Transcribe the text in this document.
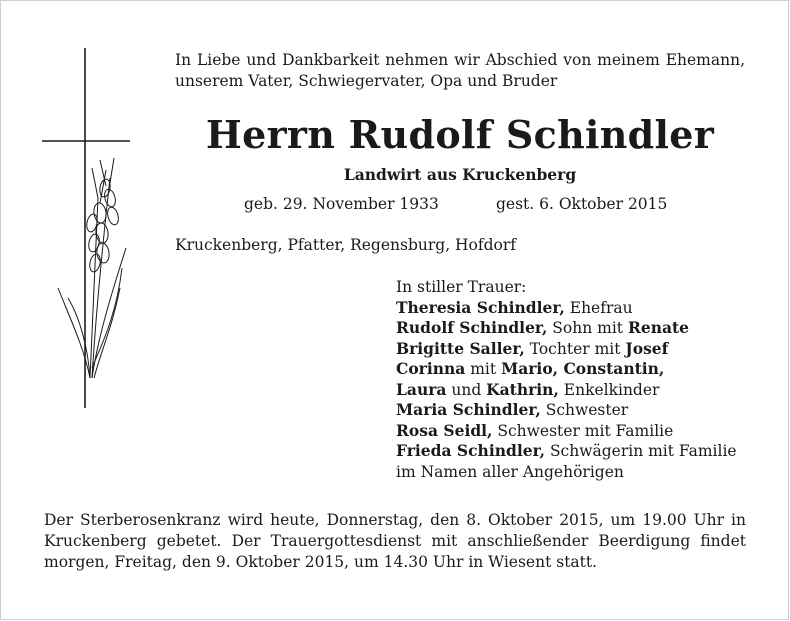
In Liebe und Dankbarkeit nehmen wir Abschied von meinem Ehemann, unserem Vater, Schwiegervater, Opa und Bruder
Herrn Rudolf Schindler
Landwirt aus Kruckenberg
geb. 29. November 1933	gest. 6. Oktober 2015
Kruckenberg, Pfatter, Regensburg, Hofdorf
In stiller Trauer:
Theresia Schindler, Ehefrau
Rudolf Schindler, Sohn mit Renate
Brigitte Saller, Tochter mit Josef
Corinna mit Mario, Constantin,
Laura und Kathrin, Enkelkinder
Maria Schindler, Schwester
Rosa Seidl, Schwester mit Familie
Frieda Schindler, Schwägerin mit Familie
im Namen aller Angehörigen
Der Sterberosenkranz wird heute, Donnerstag, den 8. Oktober 2015, um 19.00 Uhr in Kruckenberg gebetet. Der Trauergottesdienst mit anschließender Beerdigung findet morgen, Freitag, den 9. Oktober 2015, um 14.30 Uhr in Wiesent statt.
